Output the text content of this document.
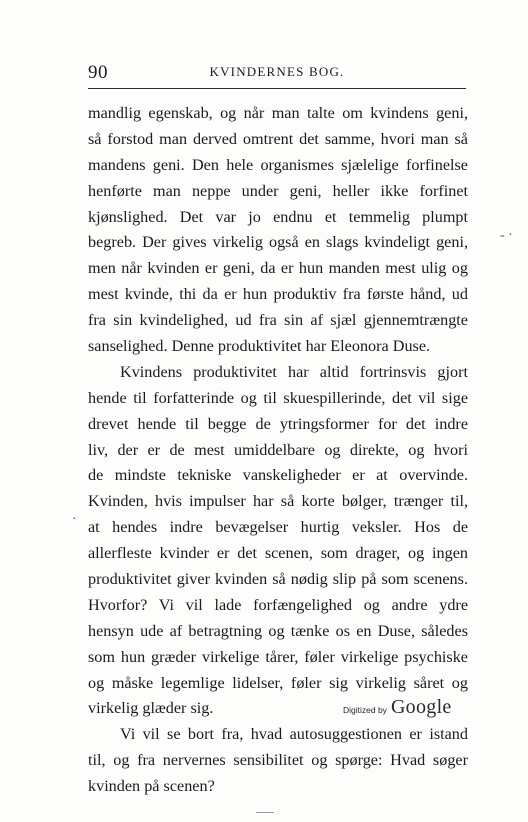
90	KVINDERNES BOG.
mandlig egenskab, og når man talte om kvindens geni,
så forstod man derved omtrent det samme, hvori man så
mandens geni. Den hele organismes sjælelige forfinelse
henførte man neppe under geni, heller ikke forfinet
kjønslighed. Det var jo endnu et temmelig plumpt
begreb. Der gives virkelig også en slags kvindeligt geni,
men når kvinden er geni, da er hun manden mest ulig og
mest kvinde, thi da er hun produktiv fra første hånd, ud
fra sin kvindelighed, ud fra sin af sjæl gjennemtrængte
sanselighed. Denne produktivitet har Eleonora Duse.
Kvindens produktivitet har altid fortrinsvis gjort
hende til forfatterinde og til skuespillerinde, det vil sige
drevet hende til begge de ytringsformer for det indre
liv, der er de mest umiddelbare og direkte, og hvori
de mindste tekniske vanskeligheder er at overvinde.
Kvinden, hvis impulser har så korte bølger, trænger til,
at hendes indre bevægelser hurtig veksler. Hos de
allerfleste kvinder er det scenen, som drager, og ingen
produktivitet giver kvinden så nødig slip på som scenens.
Hvorfor? Vi vil lade forfængelighed og andre ydre
hensyn ude af betragtning og tænke os en Duse, således
som hun græder virkelige tårer, føler virkelige psychiske
og måske legemlige lidelser, føler sig virkelig såret og
virkelig glæder sig.
Vi vil se bort fra, hvad autosuggestionen er istand
til, og fra nervernes sensibilitet og spørge: Hvad søger
kvinden på scenen?
- ·
·
Digitized by Google
